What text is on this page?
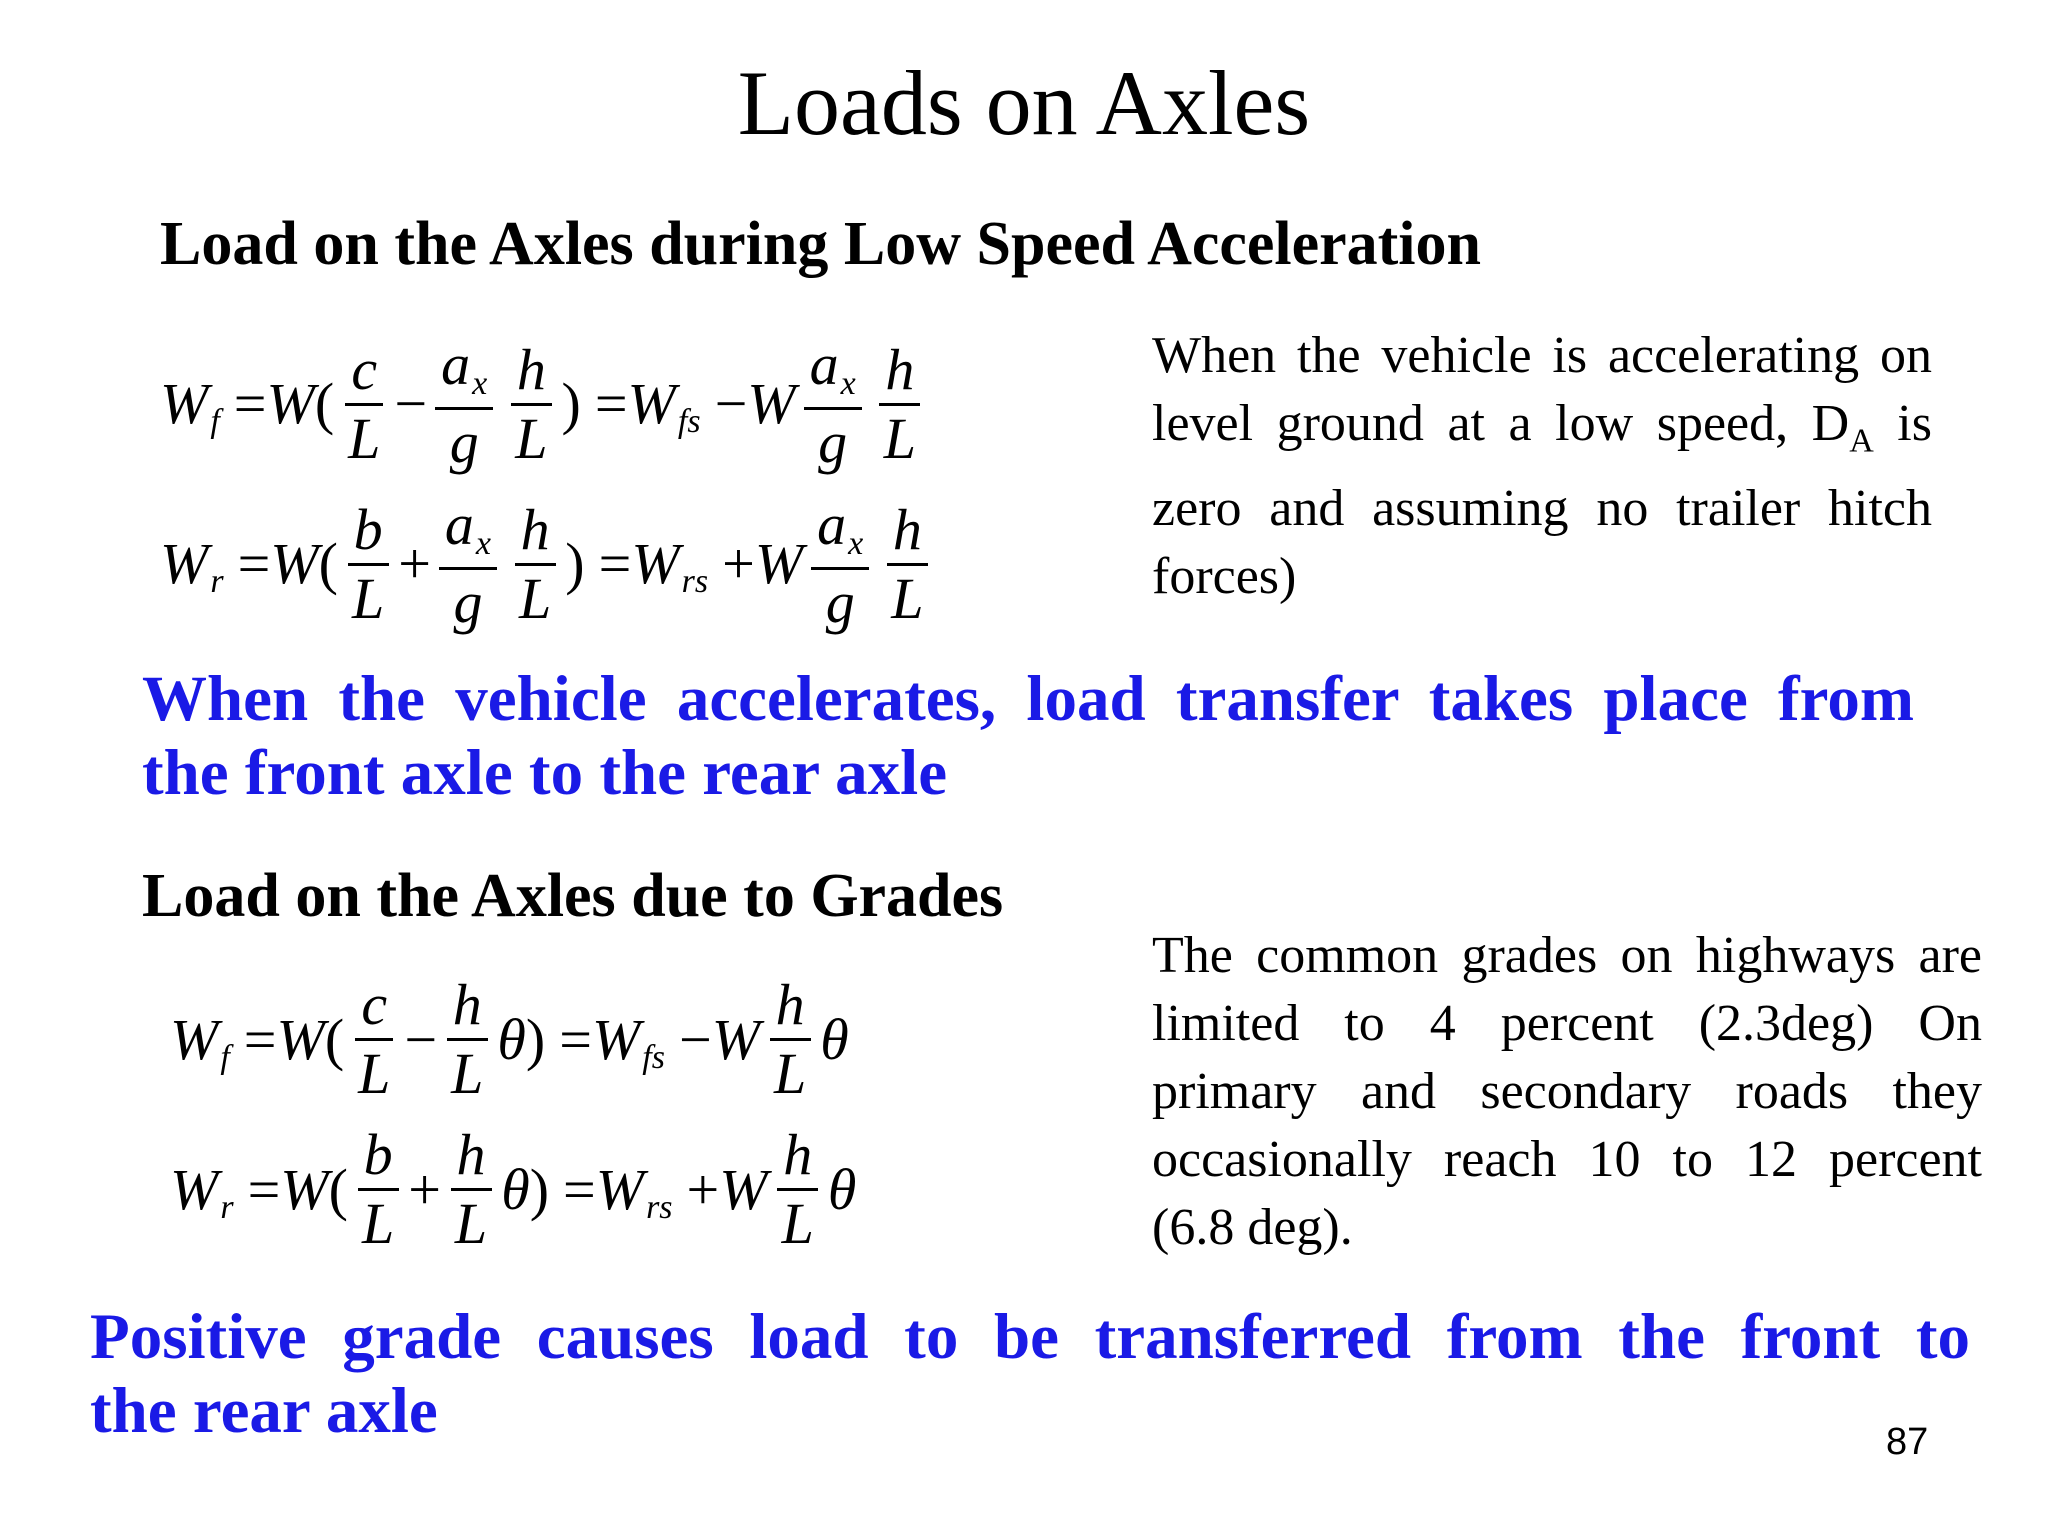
Loads on Axles
Load on the Axles during Low Speed Acceleration
W f = W ( $\frac{c}{L} - \frac{ax}{g} \frac{h}{L}$ ) = W fs − W $\frac{ax}{g} \frac{h}{L}$
W r = W ( $\frac{b}{L} + \frac{ax}{g} \frac{h}{L}$ ) = W rs + W $\frac{ax}{g} \frac{h}{L}$
When the vehicle is accelerating on level ground at a low speed, $D_A$ is zero and assuming no trailer hitch forces)
When the vehicle accelerates, load transfer takes place from
the front axle to the rear axle
Load on the Axles due to Grades
W f = W ( $\frac{c}{L} - \frac{h}{L}$ θ ) = W fs − W $\frac{h}{L}$ θ
W r = W ( $\frac{b}{L} + \frac{h}{L}$ θ ) = W rs + W $\frac{h}{L}$ θ
The common grades on highways are limited to 4 percent (2.3deg) On primary and secondary roads they occasionally reach 10 to 12 percent (6.8 deg).
Positive grade causes load to be transferred from the front to
the rear axle	87
